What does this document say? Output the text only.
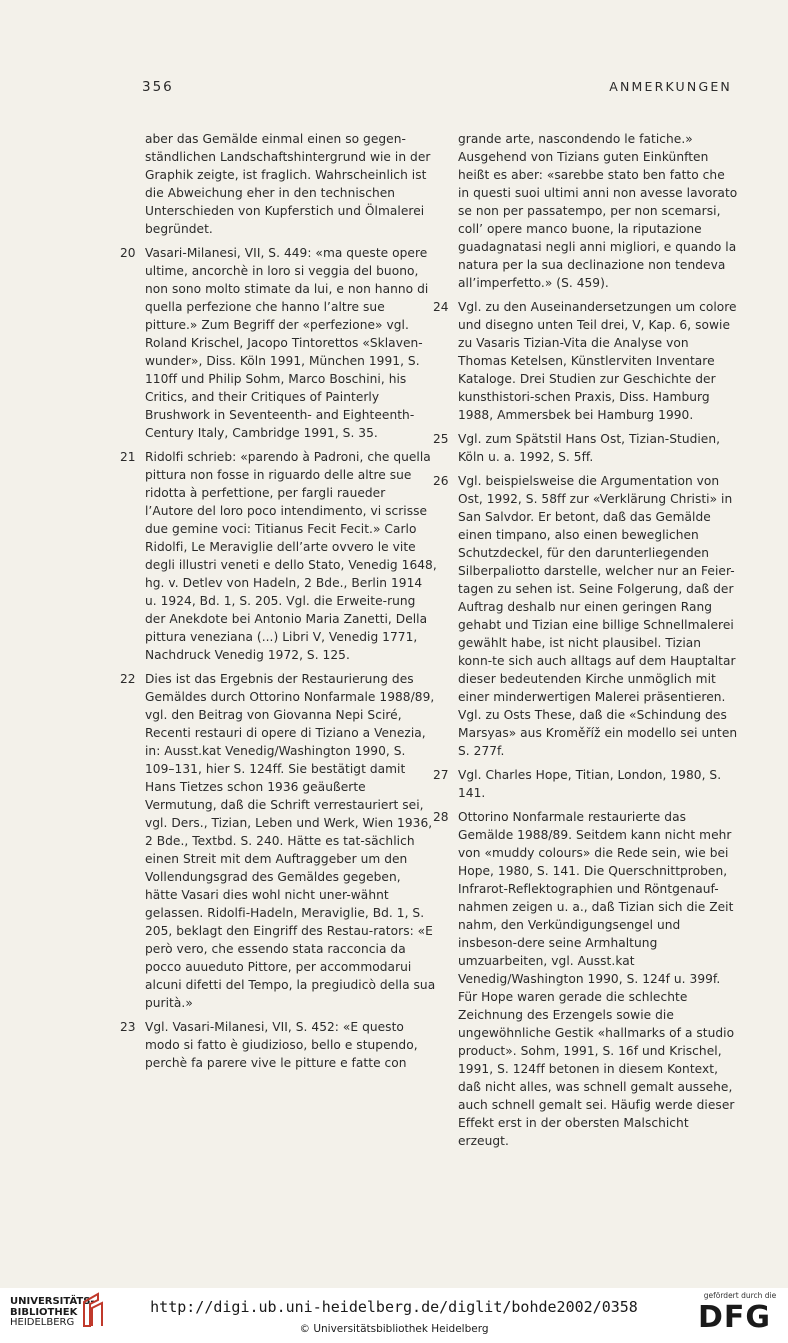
356	ANMERKUNGEN

aber das Gemälde einmal einen so gegen-ständlichen Landschaftshintergrund wie in der Graphik zeigte, ist fraglich. Wahrscheinlich ist die Abweichung eher in den technischen Unterschieden von Kupferstich und Ölmalerei begründet.

20 Vasari-Milanesi, VII, S. 449: «ma queste opere ultime, ancorchè in loro si veggia del buono, non sono molto stimate da lui, e non hanno di quella perfezione che hanno l’altre sue pitture.» Zum Begriff der «perfezione» vgl. Roland Krischel, Jacopo Tintorettos «Sklaven-wunder», Diss. Köln 1991, München 1991, S. 110ff und Philip Sohm, Marco Boschini, his Critics, and their Critiques of Painterly Brushwork in Seventeenth- and Eighteenth-Century Italy, Cambridge 1991, S. 35.

21 Ridolfi schrieb: «parendo à Padroni, che quella pittura non fosse in riguardo delle altre sue ridotta à perfettione, per fargli raueder l’Autore del loro poco intendimento, vi scrisse due gemine voci: Titianus Fecit Fecit.» Carlo Ridolfi, Le Meraviglie dell’arte ovvero le vite degli illustri veneti e dello Stato, Venedig 1648, hg. v. Detlev von Hadeln, 2 Bde., Berlin 1914 u. 1924, Bd. 1, S. 205. Vgl. die Erweite-rung der Anekdote bei Antonio Maria Zanetti, Della pittura veneziana (...) Libri V, Venedig 1771, Nachdruck Venedig 1972, S. 125.

22 Dies ist das Ergebnis der Restaurierung des Gemäldes durch Ottorino Nonfarmale 1988/89, vgl. den Beitrag von Giovanna Nepi Sciré, Recenti restauri di opere di Tiziano a Venezia, in: Ausst.kat Venedig/Washington 1990, S. 109–131, hier S. 124ff. Sie bestätigt damit Hans Tietzes schon 1936 geäußerte Vermutung, daß die Schrift verrestauriert sei, vgl. Ders., Tizian, Leben und Werk, Wien 1936, 2 Bde., Textbd. S. 240. Hätte es tat-sächlich einen Streit mit dem Auftraggeber um den Vollendungsgrad des Gemäldes gegeben, hätte Vasari dies wohl nicht uner-wähnt gelassen. Ridolfi-Hadeln, Meraviglie, Bd. 1, S. 205, beklagt den Eingriff des Restau-rators: «E però vero, che essendo stata racconcia da pocco auueduto Pittore, per accommodarui alcuni difetti del Tempo, la pregiudicò della sua purità.»

23 Vgl. Vasari-Milanesi, VII, S. 452: «E questo modo si fatto è giudizioso, bello e stupendo, perchè fa parere vive le pitture e fatte con

grande arte, nascondendo le fatiche.» Ausgehend von Tizians guten Einkünften heißt es aber: «sarebbe stato ben fatto che in questi suoi ultimi anni non avesse lavorato se non per passatempo, per non scemarsi, coll’ opere manco buone, la riputazione guadagnatasi negli anni migliori, e quando la natura per la sua declinazione non tendeva all’imperfetto.» (S. 459).

24 Vgl. zu den Auseinandersetzungen um colore und disegno unten Teil drei, V, Kap. 6, sowie zu Vasaris Tizian-Vita die Analyse von Thomas Ketelsen, Künstlerviten Inventare Kataloge. Drei Studien zur Geschichte der kunsthistori-schen Praxis, Diss. Hamburg 1988, Ammersbek bei Hamburg 1990.

25 Vgl. zum Spätstil Hans Ost, Tizian-Studien, Köln u. a. 1992, S. 5ff.

26 Vgl. beispielsweise die Argumentation von Ost, 1992, S. 58ff zur «Verklärung Christi» in San Salvdor. Er betont, daß das Gemälde einen timpano, also einen beweglichen Schutzdeckel, für den darunterliegenden Silberpaliotto darstelle, welcher nur an Feier-tagen zu sehen ist. Seine Folgerung, daß der Auftrag deshalb nur einen geringen Rang gehabt und Tizian eine billige Schnellmalerei gewählt habe, ist nicht plausibel. Tizian konn-te sich auch alltags auf dem Hauptaltar dieser bedeutenden Kirche unmöglich mit einer minderwertigen Malerei präsentieren. Vgl. zu Osts These, daß die «Schindung des Marsyas» aus Kroměříž ein modello sei unten S. 277f.

27 Vgl. Charles Hope, Titian, London, 1980, S. 141.

28 Ottorino Nonfarmale restaurierte das Gemälde 1988/89. Seitdem kann nicht mehr von «muddy colours» die Rede sein, wie bei Hope, 1980, S. 141. Die Querschnittproben, Infrarot-Reflektographien und Röntgenauf-nahmen zeigen u. a., daß Tizian sich die Zeit nahm, den Verkündigungsengel und insbeson-dere seine Armhaltung umzuarbeiten, vgl. Ausst.kat Venedig/Washington 1990, S. 124f u. 399f. Für Hope waren gerade die schlechte Zeichnung des Erzengels sowie die ungewöhnliche Gestik «hallmarks of a studio product». Sohm, 1991, S. 16f und Krischel, 1991, S. 124ff betonen in diesem Kontext, daß nicht alles, was schnell gemalt aussehe, auch schnell gemalt sei. Häufig werde dieser Effekt erst in der obersten Malschicht erzeugt.

UNIVERSITÄTS-
BIBLIOTHEK
HEIDELBERG
http://digi.ub.uni-heidelberg.de/diglit/bohde2002/0358
© Universitätsbibliothek Heidelberg
gefördert durch die
DFG
